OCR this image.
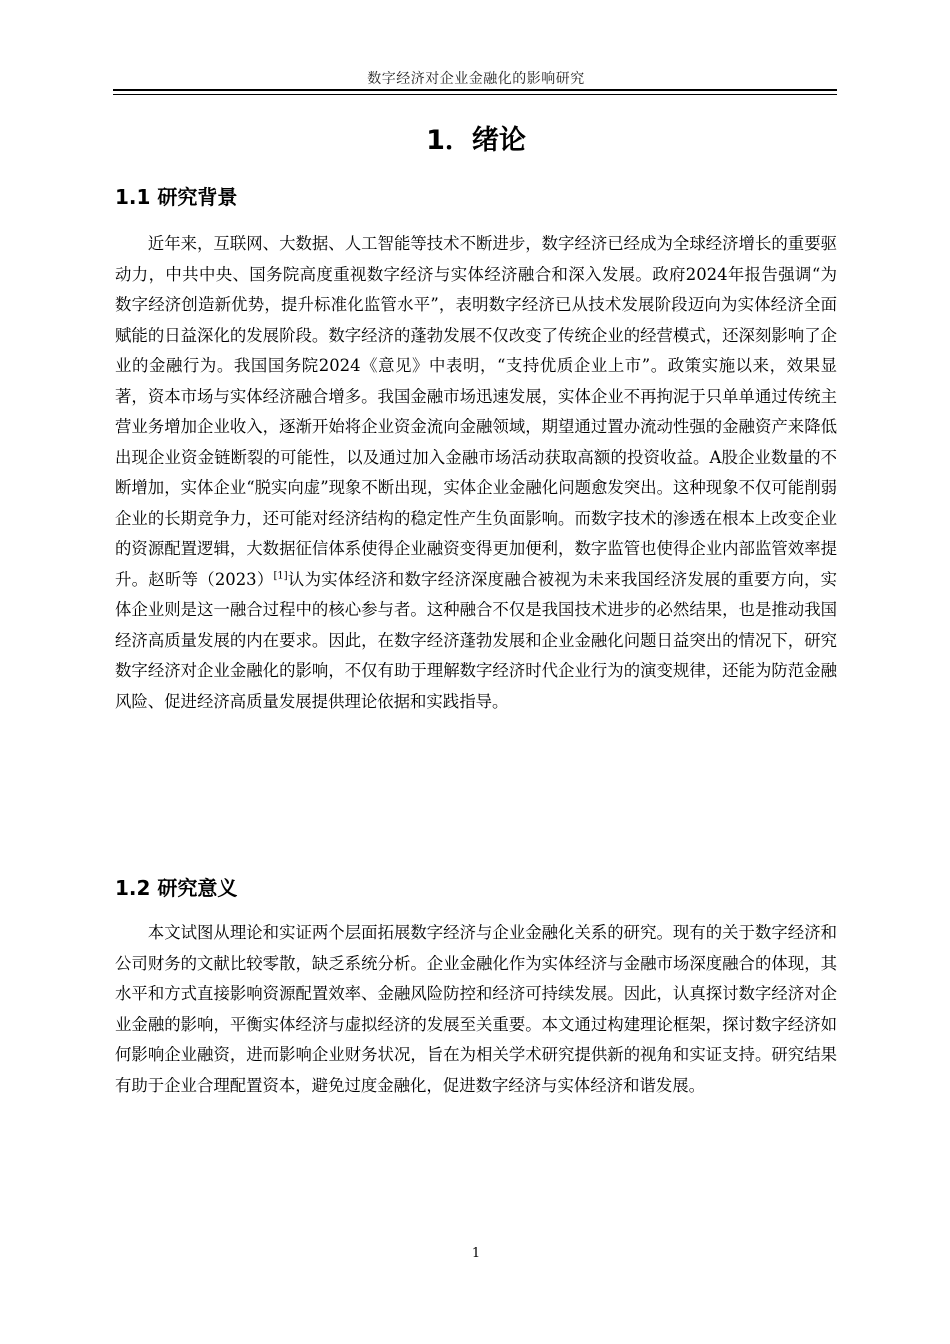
数字经济对企业金融化的影响研究
1．绪论
1.1 研究背景

近年来，互联网、大数据、人工智能等技术不断进步，数字经济已经成为全球经济增长的重要驱动力，中共中央、国务院高度重视数字经济与实体经济融合和深入发展。政府2024年报告强调“为数字经济创造新优势，提升标准化监管水平”，表明数字经济已从技术发展阶段迈向为实体经济全面赋能的日益深化的发展阶段。数字经济的蓬勃发展不仅改变了传统企业的经营模式，还深刻影响了企业的金融行为。我国国务院2024《意见》中表明，“支持优质企业上市”。政策实施以来，效果显著，资本市场与实体经济融合增多。我国金融市场迅速发展，实体企业不再拘泥于只单单通过传统主营业务增加企业收入，逐渐开始将企业资金流向金融领域，期望通过置办流动性强的金融资产来降低出现企业资金链断裂的可能性，以及通过加入金融市场活动获取高额的投资收益。A股企业数量的不断增加，实体企业“脱实向虚”现象不断出现，实体企业金融化问题愈发突出。这种现象不仅可能削弱企业的长期竞争力，还可能对经济结构的稳定性产生负面影响。而数字技术的渗透在根本上改变企业的资源配置逻辑，大数据征信体系使得企业融资变得更加便利，数字监管也使得企业内部监管效率提升。赵昕等（2023）[1]认为实体经济和数字经济深度融合被视为未来我国经济发展的重要方向，实体企业则是这一融合过程中的核心参与者。这种融合不仅是我国技术进步的必然结果，也是推动我国经济高质量发展的内在要求。因此，在数字经济蓬勃发展和企业金融化问题日益突出的情况下，研究数字经济对企业金融化的影响，不仅有助于理解数字经济时代企业行为的演变规律，还能为防范金融风险、促进经济高质量发展提供理论依据和实践指导。

1.2 研究意义

本文试图从理论和实证两个层面拓展数字经济与企业金融化关系的研究。现有的关于数字经济和公司财务的文献比较零散，缺乏系统分析。企业金融化作为实体经济与金融市场深度融合的体现，其水平和方式直接影响资源配置效率、金融风险防控和经济可持续发展。因此，认真探讨数字经济对企业金融的影响，平衡实体经济与虚拟经济的发展至关重要。本文通过构建理论框架，探讨数字经济如何影响企业融资，进而影响企业财务状况，旨在为相关学术研究提供新的视角和实证支持。研究结果有助于企业合理配置资本，避免过度金融化，促进数字经济与实体经济和谐发展。

1
